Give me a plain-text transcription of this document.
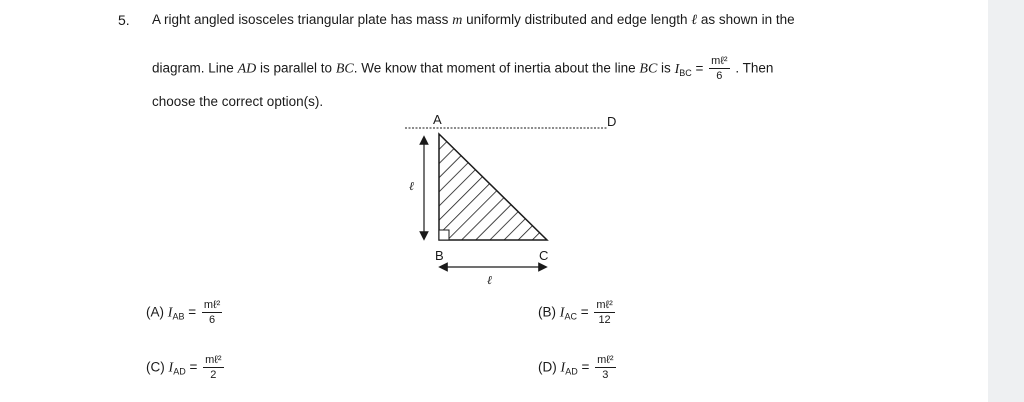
5. A right angled isosceles triangular plate has mass m uniformly distributed and edge length ℓ as shown in the
diagram. Line AD is parallel to BC. We know that moment of inertia about the line BC is $I_{BC} = \frac{\text{mℓ²}}{6}$ . Then
choose the correct option(s).
A	D
B	C
ℓ
ℓ
(A) $I_{AB} = \frac{\text{mℓ²}}{6}$	(B) $I_{AC} = \frac{\text{mℓ²}}{12}$
(C) $I_{AD} = \frac{\text{mℓ²}}{2}$	(D) $I_{AD} = \frac{\text{mℓ²}}{3}$
